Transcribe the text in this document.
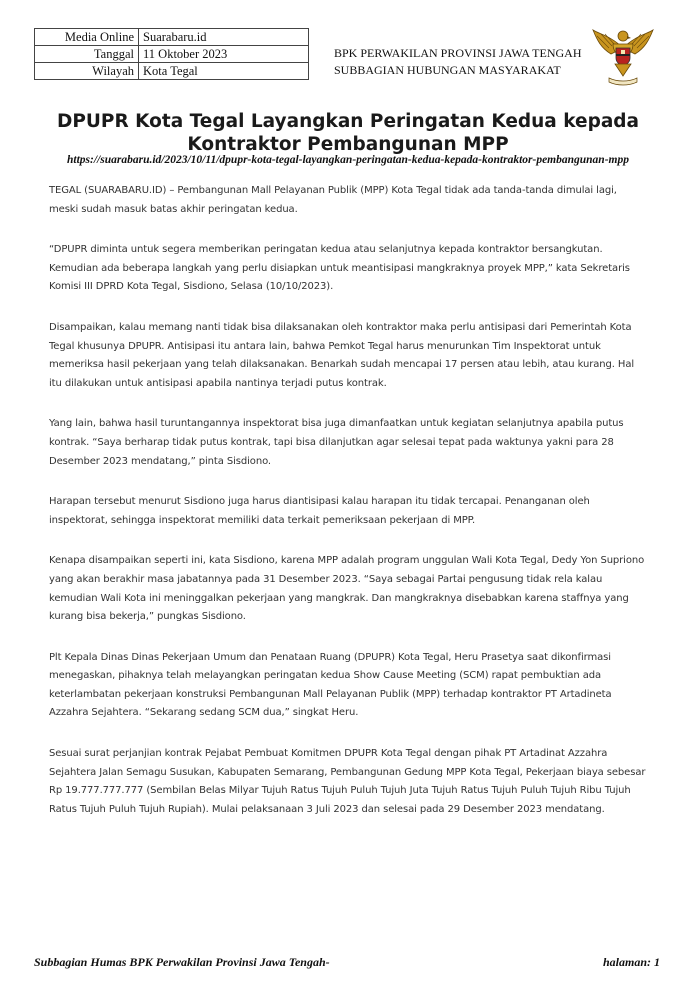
Media Online	Suarabaru.id
Tanggal	11 Oktober 2023
Wilayah	Kota Tegal
BPK PERWAKILAN PROVINSI JAWA TENGAH
SUBBAGIAN HUBUNGAN MASYARAKAT
DPUPR Kota Tegal Layangkan Peringatan Kedua kepada Kontraktor Pembangunan MPP
https://suarabaru.id/2023/10/11/dpupr-kota-tegal-layangkan-peringatan-kedua-kepada-kontraktor-pembangunan-mpp

TEGAL (SUARABARU.ID) – Pembangunan Mall Pelayanan Publik (MPP) Kota Tegal tidak ada tanda-tanda dimulai lagi, meski sudah masuk batas akhir peringatan kedua.

“DPUPR diminta untuk segera memberikan peringatan kedua atau selanjutnya kepada kontraktor bersangkutan. Kemudian ada beberapa langkah yang perlu disiapkan untuk meantisipasi mangkraknya proyek MPP,” kata Sekretaris Komisi III DPRD Kota Tegal, Sisdiono, Selasa (10/10/2023).

Disampaikan, kalau memang nanti tidak bisa dilaksanakan oleh kontraktor maka perlu antisipasi dari Pemerintah Kota Tegal khusunya DPUPR. Antisipasi itu antara lain, bahwa Pemkot Tegal harus menurunkan Tim Inspektorat untuk memeriksa hasil pekerjaan yang telah dilaksanakan. Benarkah sudah mencapai 17 persen atau lebih, atau kurang. Hal itu dilakukan untuk antisipasi apabila nantinya terjadi putus kontrak.

Yang lain, bahwa hasil turuntangannya inspektorat bisa juga dimanfaatkan untuk kegiatan selanjutnya apabila putus kontrak. “Saya berharap tidak putus kontrak, tapi bisa dilanjutkan agar selesai tepat pada waktunya yakni para 28 Desember 2023 mendatang,” pinta Sisdiono.

Harapan tersebut menurut Sisdiono juga harus diantisipasi kalau harapan itu tidak tercapai. Penanganan oleh inspektorat, sehingga inspektorat memiliki data terkait pemeriksaan pekerjaan di MPP.

Kenapa disampaikan seperti ini, kata Sisdiono, karena MPP adalah program unggulan Wali Kota Tegal, Dedy Yon Supriono yang akan berakhir masa jabatannya pada 31 Desember 2023. “Saya sebagai Partai pengusung tidak rela kalau kemudian Wali Kota ini meninggalkan pekerjaan yang mangkrak. Dan mangkraknya disebabkan karena staffnya yang kurang bisa bekerja,” pungkas Sisdiono.

Plt Kepala Dinas Dinas Pekerjaan Umum dan Penataan Ruang (DPUPR) Kota Tegal, Heru Prasetya saat dikonfirmasi menegaskan, pihaknya telah melayangkan peringatan kedua Show Cause Meeting (SCM) rapat pembuktian ada keterlambatan pekerjaan konstruksi Pembangunan Mall Pelayanan Publik (MPP) terhadap kontraktor PT Artadineta Azzahra Sejahtera. “Sekarang sedang SCM dua,” singkat Heru.

Sesuai surat perjanjian kontrak Pejabat Pembuat Komitmen DPUPR Kota Tegal dengan pihak PT Artadinat Azzahra Sejahtera Jalan Semagu Susukan, Kabupaten Semarang, Pembangunan Gedung MPP Kota Tegal, Pekerjaan biaya sebesar Rp 19.777.777.777 (Sembilan Belas Milyar Tujuh Ratus Tujuh Puluh Tujuh Juta Tujuh Ratus Tujuh Puluh Tujuh Ribu Tujuh Ratus Tujuh Puluh Tujuh Rupiah). Mulai pelaksanaan 3 Juli 2023 dan selesai pada 29 Desember 2023 mendatang.

Subbagian Humas BPK Perwakilan Provinsi Jawa Tengah-	halaman: 1
